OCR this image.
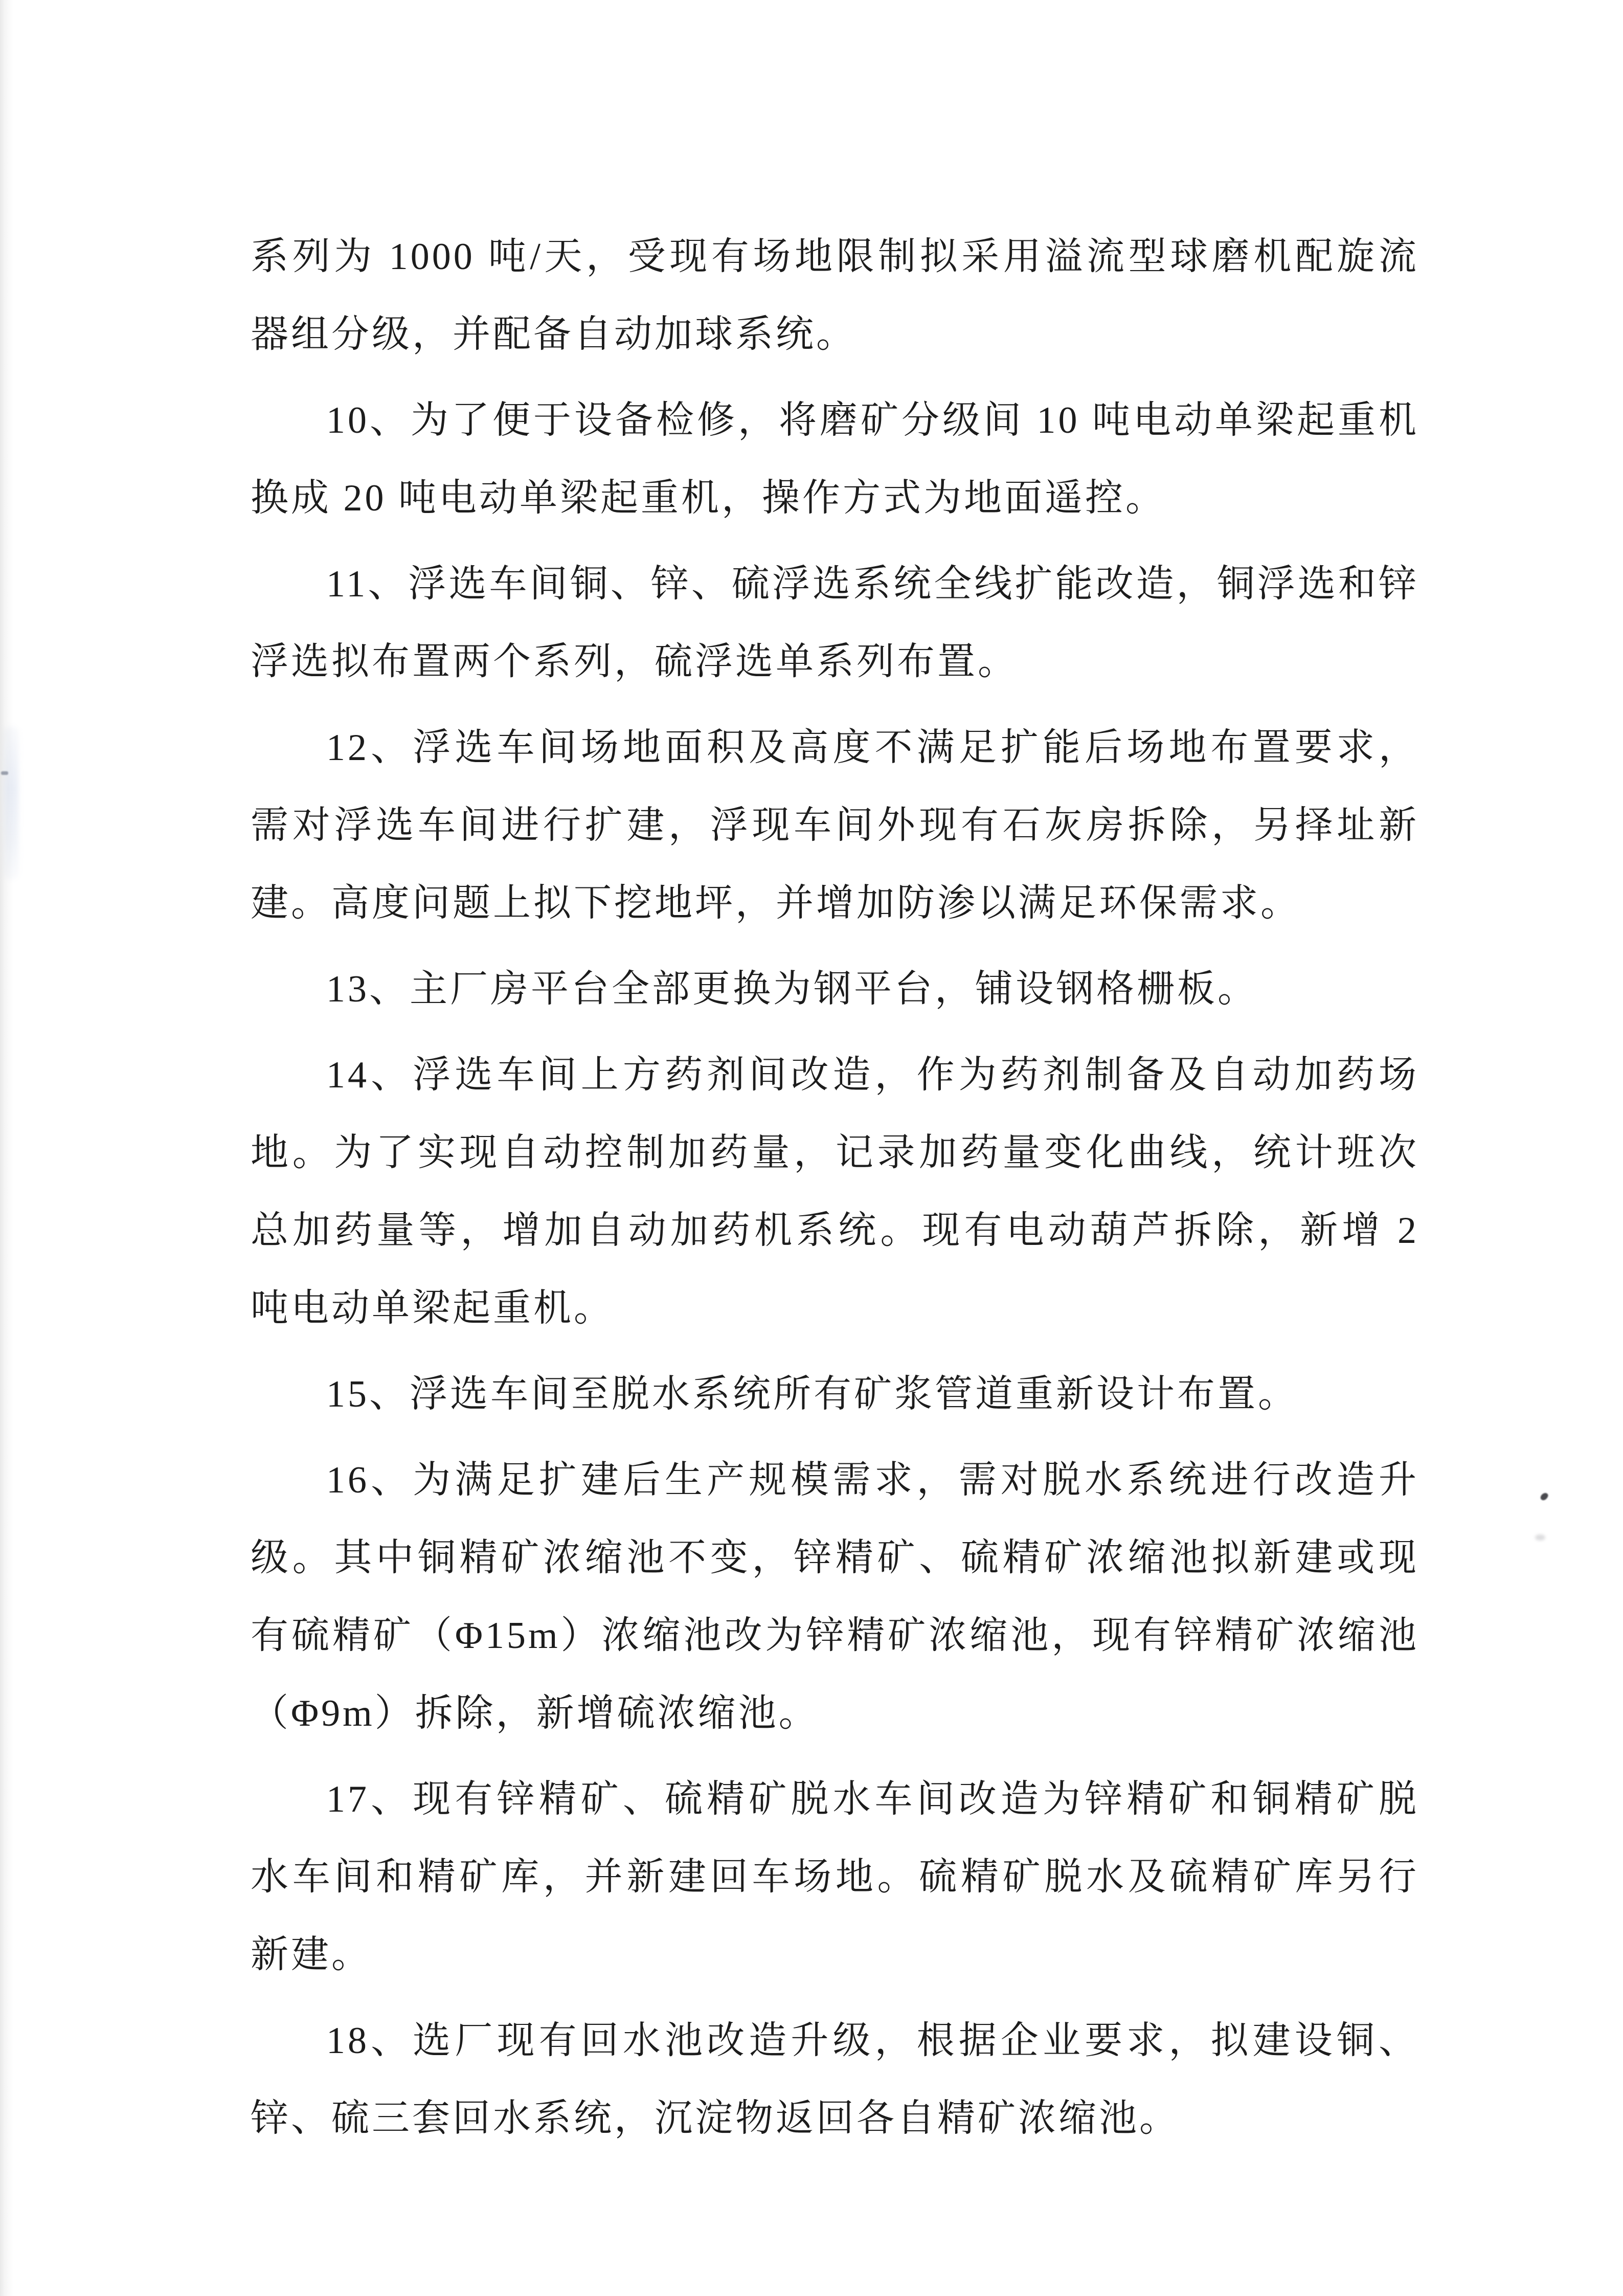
系列为 1000 吨/天，受现有场地限制拟采用溢流型球磨机配旋流器组分级，并配备自动加球系统。

10、为了便于设备检修，将磨矿分级间 10 吨电动单梁起重机换成 20 吨电动单梁起重机，操作方式为地面遥控。

11、浮选车间铜、锌、硫浮选系统全线扩能改造，铜浮选和锌浮选拟布置两个系列，硫浮选单系列布置。

12、浮选车间场地面积及高度不满足扩能后场地布置要求，需对浮选车间进行扩建，浮现车间外现有石灰房拆除，另择址新建。高度问题上拟下挖地坪，并增加防渗以满足环保需求。

13、主厂房平台全部更换为钢平台，铺设钢格栅板。

14、浮选车间上方药剂间改造，作为药剂制备及自动加药场地。为了实现自动控制加药量，记录加药量变化曲线，统计班次总加药量等，增加自动加药机系统。现有电动葫芦拆除，新增 2 吨电动单梁起重机。

15、浮选车间至脱水系统所有矿浆管道重新设计布置。

16、为满足扩建后生产规模需求，需对脱水系统进行改造升级。其中铜精矿浓缩池不变，锌精矿、硫精矿浓缩池拟新建或现有硫精矿（Φ15m）浓缩池改为锌精矿浓缩池，现有锌精矿浓缩池（Φ9m）拆除，新增硫浓缩池。

17、现有锌精矿、硫精矿脱水车间改造为锌精矿和铜精矿脱水车间和精矿库，并新建回车场地。硫精矿脱水及硫精矿库另行新建。

18、选厂现有回水池改造升级，根据企业要求，拟建设铜、锌、硫三套回水系统，沉淀物返回各自精矿浓缩池。
